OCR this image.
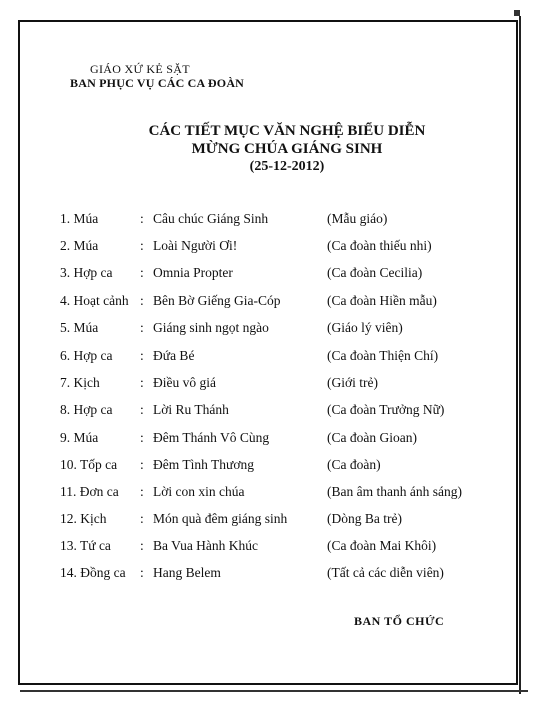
GIÁO XỨ KẺ SẶT
BAN PHỤC VỤ CÁC CA ĐOÀN
CÁC TIẾT MỤC VĂN NGHỆ BIỂU DIỄN
MỪNG CHÚA GIÁNG SINH
(25-12-2012)
1. Múa	: Câu chúc Giáng Sinh	(Mẫu giáo)
2. Múa	: Loài Người Ơi!	(Ca đoàn thiếu nhi)
3. Hợp ca : Omnia Propter	(Ca đoàn Cecilia)
4. Hoạt cảnh : Bên Bờ Giếng Gia-Cóp	(Ca đoàn Hiền mẫu)
5. Múa	: Giáng sinh ngọt ngào	(Giáo lý viên)
6. Hợp ca : Đứa Bé	(Ca đoàn Thiện Chí)
7. Kịch	: Điều vô giá	(Giới trẻ)
8. Hợp ca : Lời Ru Thánh	(Ca đoàn Trưởng Nữ)
9. Múa	: Đêm Thánh Vô Cùng	(Ca đoàn Gioan)
10. Tốp ca : Đêm Tình Thương	(Ca đoàn)
11. Đơn ca : Lời con xin chúa	(Ban âm thanh ánh sáng)
12. Kịch : Món quà đêm giáng sinh	(Dòng Ba trẻ)
13. Tứ ca : Ba Vua Hành Khúc	(Ca đoàn Mai Khôi)
14. Đồng ca : Hang Belem	(Tất cả các diễn viên)
BAN TỔ CHỨC
